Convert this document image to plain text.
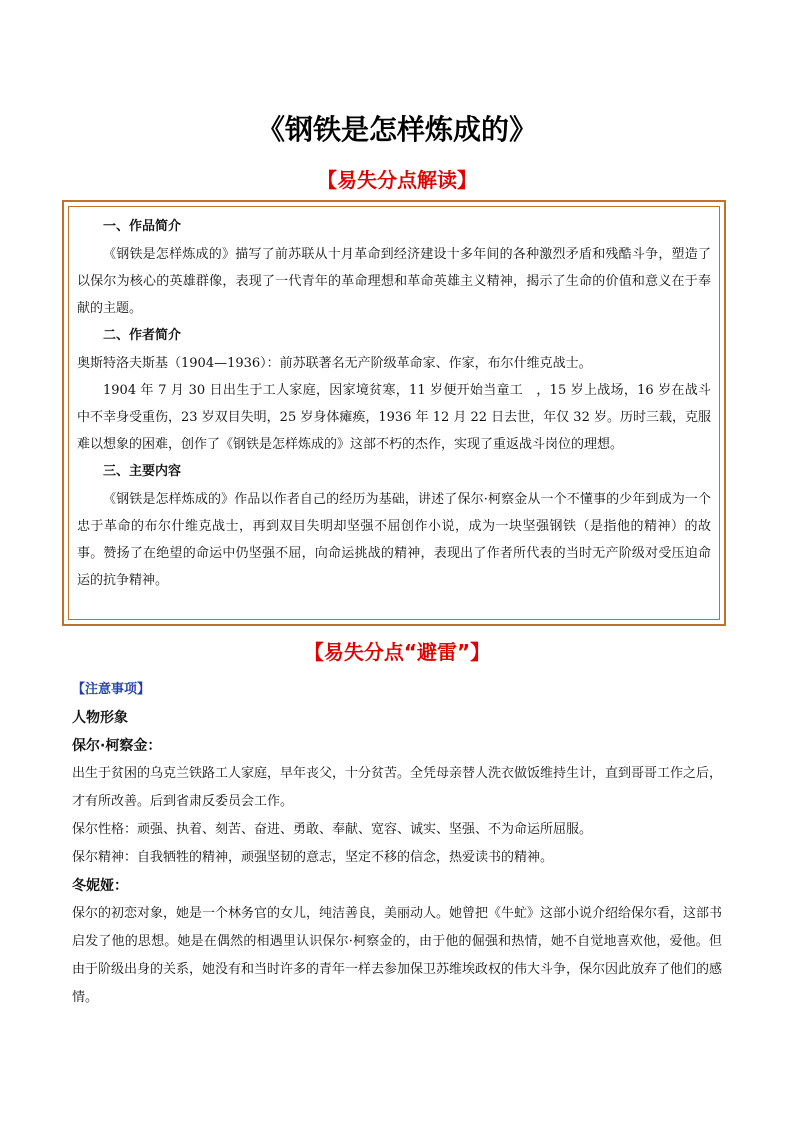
《钢铁是怎样炼成的》
【易失分点解读】
一、作品简介

《钢铁是怎样炼成的》描写了前苏联从十月革命到经济建设十多年间的各种激烈矛盾和残酷斗争，塑造了以保尔为核心的英雄群像，表现了一代青年的革命理想和革命英雄主义精神，揭示了生命的价值和意义在于奉献的主题。

二、作者简介

奥斯特洛夫斯基（1904—1936）：前苏联著名无产阶级革命家、作家，布尔什维克战士。

1904 年 7 月 30 日出生于工人家庭，因家境贫寒，11 岁便开始当童工　，15 岁上战场，16 岁在战斗中不幸身受重伤，23 岁双目失明，25 岁身体瘫痪，1936 年 12 月 22 日去世，年仅 32 岁。历时三载，克服难以想象的困难，创作了《钢铁是怎样炼成的》这部不朽的杰作，实现了重返战斗岗位的理想。

三、主要内容

《钢铁是怎样炼成的》作品以作者自己的经历为基础，讲述了保尔·柯察金从一个不懂事的少年到成为一个忠于革命的布尔什维克战士，再到双目失明却坚强不屈创作小说，成为一块坚强钢铁（是指他的精神）的故事。赞扬了在绝望的命运中仍坚强不屈，向命运挑战的精神，表现出了作者所代表的当时无产阶级对受压迫命运的抗争精神。

【易失分点“避雷”】
【注意事项】
人物形象
保尔·柯察金：

出生于贫困的乌克兰铁路工人家庭，早年丧父，十分贫苦。全凭母亲替人洗衣做饭维持生计，直到哥哥工作之后，才有所改善。后到省肃反委员会工作。

保尔性格：顽强、执着、刻苦、奋进、勇敢、奉献、宽容、诚实、坚强、不为命运所屈服。

保尔精神：自我牺牲的精神，顽强坚韧的意志，坚定不移的信念，热爱读书的精神。

冬妮娅：

保尔的初恋对象，她是一个林务官的女儿，纯洁善良，美丽动人。她曾把《牛虻》这部小说介绍给保尔看，这部书启发了他的思想。她是在偶然的相遇里认识保尔·柯察金的，由于他的倔强和热情，她不自觉地喜欢他，爱他。但由于阶级出身的关系，她没有和当时许多的青年一样去参加保卫苏维埃政权的伟大斗争，保尔因此放弃了他们的感情。
